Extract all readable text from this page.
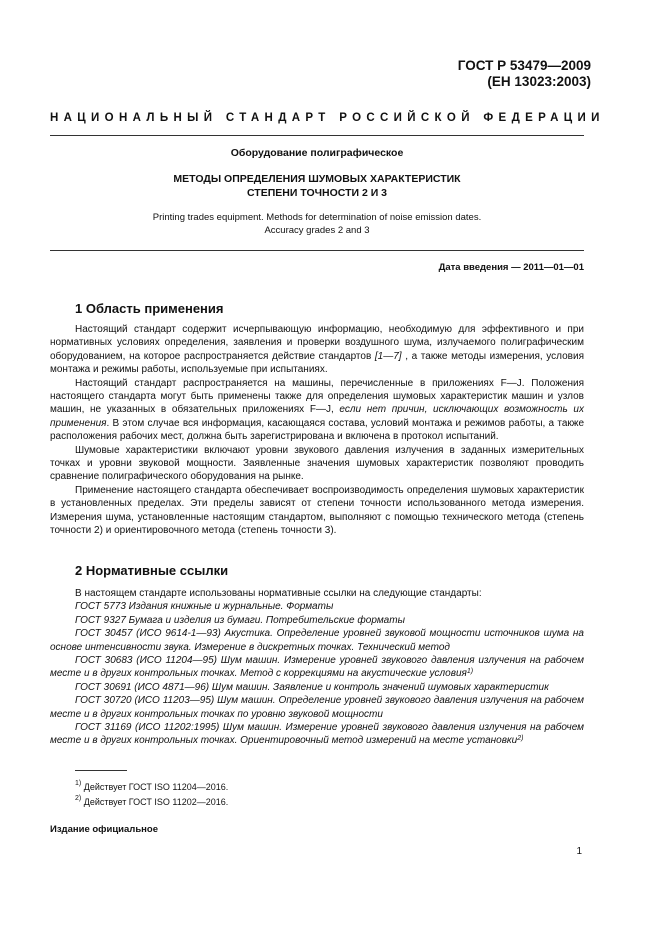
ГОСТ Р 53479—2009
(ЕН 13023:2003)
НАЦИОНАЛЬНЫЙ СТАНДАРТ РОССИЙСКОЙ ФЕДЕРАЦИИ
Оборудование полиграфическое
МЕТОДЫ ОПРЕДЕЛЕНИЯ ШУМОВЫХ ХАРАКТЕРИСТИК
СТЕПЕНИ ТОЧНОСТИ 2 И 3
Printing trades equipment. Methods for determination of noise emission dates.
Accuracy grades 2 and 3
Дата введения — 2011—01—01
1 Область применения

Настоящий стандарт содержит исчерпывающую информацию, необходимую для эффективного и при нормативных условиях определения, заявления и проверки воздушного шума, излучаемого полиграфическим оборудованием, на которое распространяется действие стандартов [1—7] , а также методы измерения, условия монтажа и режимы работы, используемые при испытаниях.

Настоящий стандарт распространяется на машины, перечисленные в приложениях F—J. Положения настоящего стандарта могут быть применены также для определения шумовых характеристик машин и узлов машин, не указанных в обязательных приложениях F—J, если нет причин, исключающих возможность их применения. В этом случае вся информация, касающаяся состава, условий монтажа и режимов работы, а также расположения рабочих мест, должна быть зарегистрирована и включена в протокол испытаний.

Шумовые характеристики включают уровни звукового давления излучения в заданных измерительных точках и уровни звуковой мощности. Заявленные значения шумовых характеристик позволяют проводить сравнение полиграфического оборудования на рынке.

Применение настоящего стандарта обеспечивает воспроизводимость определения шумовых характеристик в установленных пределах. Эти пределы зависят от степени точности использованного метода измерения. Измерения шума, установленные настоящим стандартом, выполняют с помощью технического метода (степень точности 2) и ориентировочного метода (степень точности 3).

2 Нормативные ссылки

В настоящем стандарте использованы нормативные ссылки на следующие стандарты:

ГОСТ 5773 Издания книжные и журнальные. Форматы

ГОСТ 9327 Бумага и изделия из бумаги. Потребительские форматы

ГОСТ 30457 (ИСО 9614-1—93) Акустика. Определение уровней звуковой мощности источников шума на основе интенсивности звука. Измерение в дискретных точках. Технический метод

ГОСТ 30683 (ИСО 11204—95) Шум машин. Измерение уровней звукового давления излучения на рабочем месте и в других контрольных точках. Метод с коррекциями на акустические условия$^{1)}$

ГОСТ 30691 (ИСО 4871—96) Шум машин. Заявление и контроль значений шумовых характеристик

ГОСТ 30720 (ИСО 11203—95) Шум машин. Определение уровней звукового давления излучения на рабочем месте и в других контрольных точках по уровню звуковой мощности

ГОСТ 31169 (ИСО 11202:1995) Шум машин. Измерение уровней звукового давления излучения на рабочем месте и в других контрольных точках. Ориентировочный метод измерений на месте установки$^{2)}$

$^{1)}$ Действует ГОСТ ISO 11204—2016.
$^{2)}$ Действует ГОСТ ISO 11202—2016.
Издание официальное
1
